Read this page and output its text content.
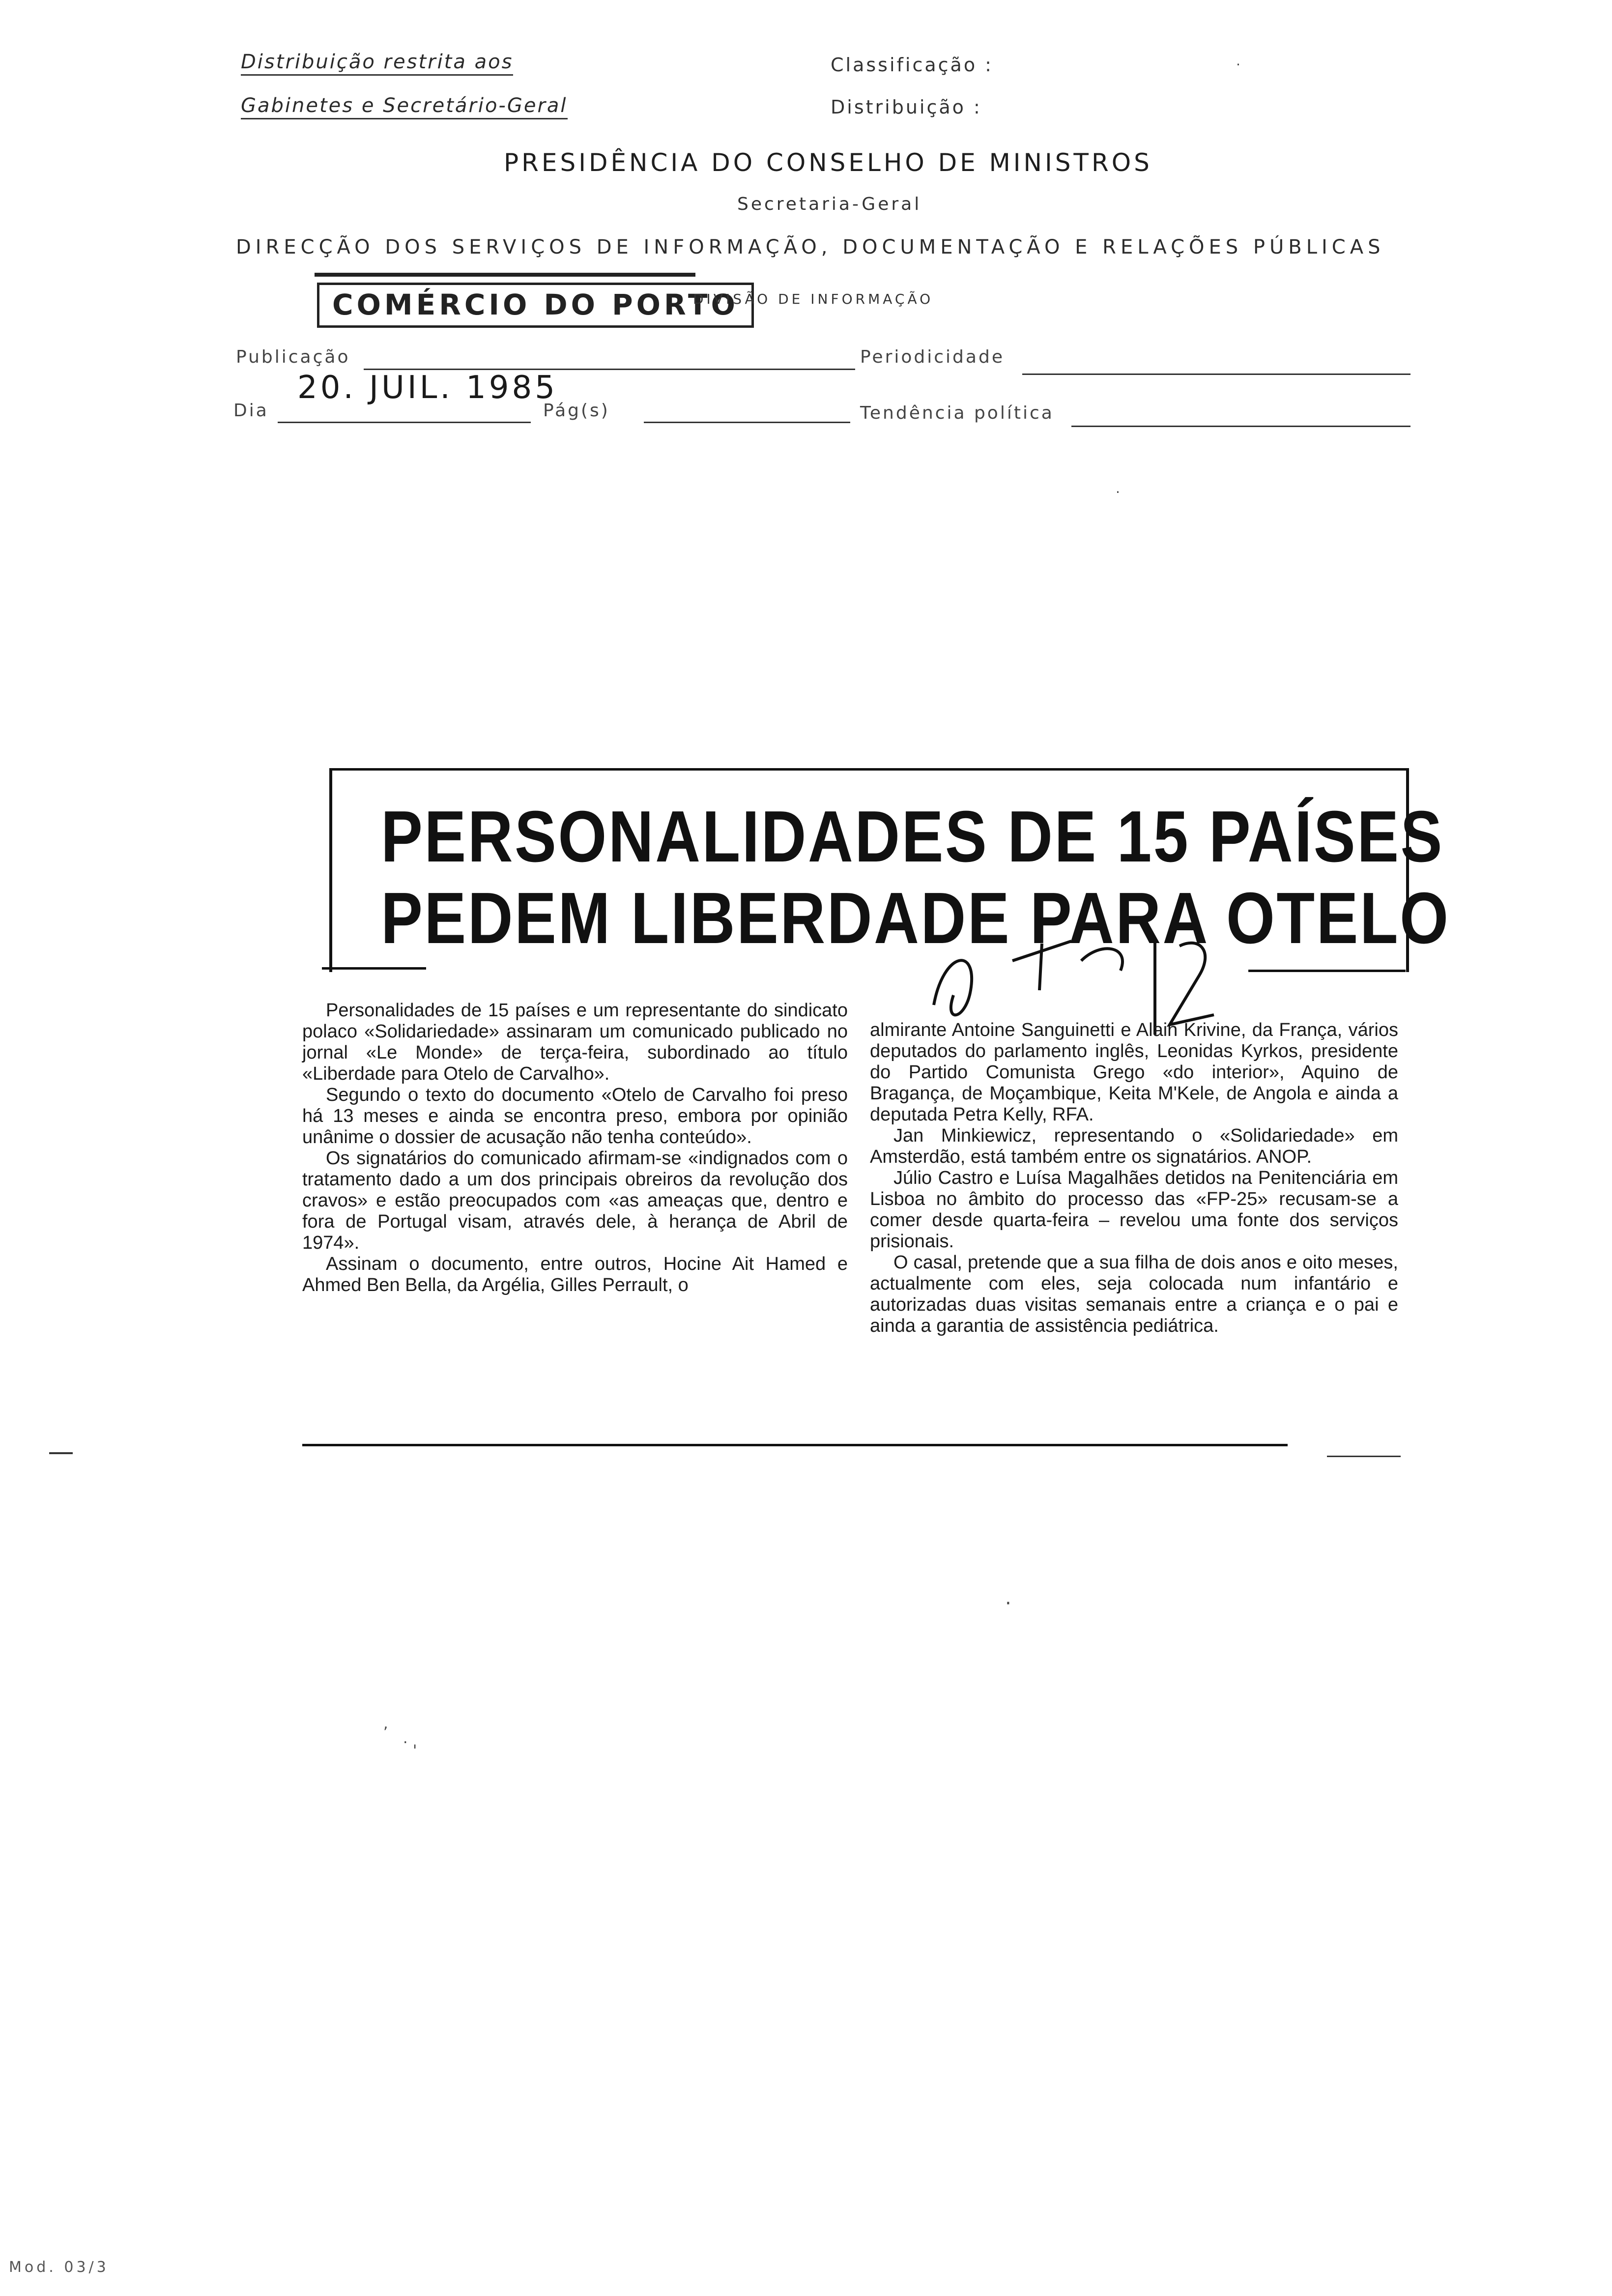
Distribuição restrita aos
Gabinetes e Secretário-Geral
Classificação :
Distribuição :
PRESIDÊNCIA DO CONSELHO DE MINISTROS
Secretaria-Geral
DIRECÇÃO DOS SERVIÇOS DE INFORMAÇÃO, DOCUMENTAÇÃO E RELAÇÕES PÚBLICAS
COMÉRCIO DO PORTO
DIVISÃO DE INFORMAÇÃO
Publicação	Periodicidade
Dia
20. JUIL. 1985
Pág(s)	Tendência política
·
·
PERSONALIDADES DE 15 PAÍSES
PEDEM LIBERDADE PARA OTELO

Personalidades de 15 países e um representante do sindicato polaco «Solidariedade» assinaram um comunicado publicado no jornal «Le Monde» de terça-feira, subordinado ao título «Liberdade para Otelo de Carvalho».

Segundo o texto do documento «Otelo de Carvalho foi preso há 13 meses e ainda se encontra preso, embora por opinião unânime o dossier de acusação não tenha conteúdo».

Os signatários do comunicado afirmam-se «indignados com o tratamento dado a um dos principais obreiros da revolução dos cravos» e estão preocupados com «as ameaças que, dentro e fora de Portugal visam, através dele, à herança de Abril de 1974».

Assinam o documento, entre outros, Hocine Ait Hamed e Ahmed Ben Bella, da Argélia, Gilles Perrault, o

almirante Antoine Sanguinetti e Alain Krivine, da França, vários deputados do parlamento inglês, Leonidas Kyrkos, presidente do Partido Comunista Grego «do interior», Aquino de Bragança, de Moçambique, Keita M'Kele, de Angola e ainda a deputada Petra Kelly, RFA.

Jan Minkiewicz, representando o «Solidariedade» em Amsterdão, está também entre os signatários. ANOP.

Júlio Castro e Luísa Magalhães detidos na Penitenciária em Lisboa no âmbito do processo das «FP-25» recusam-se a comer desde quarta-feira – revelou uma fonte dos serviços prisionais.

O casal, pretende que a sua filha de dois anos e oito meses, actualmente com eles, seja colocada num infantário e autorizadas duas visitas semanais entre a criança e o pai e ainda a garantia de assistência pediátrica.

·
,
.
'
Mod. 03/3
